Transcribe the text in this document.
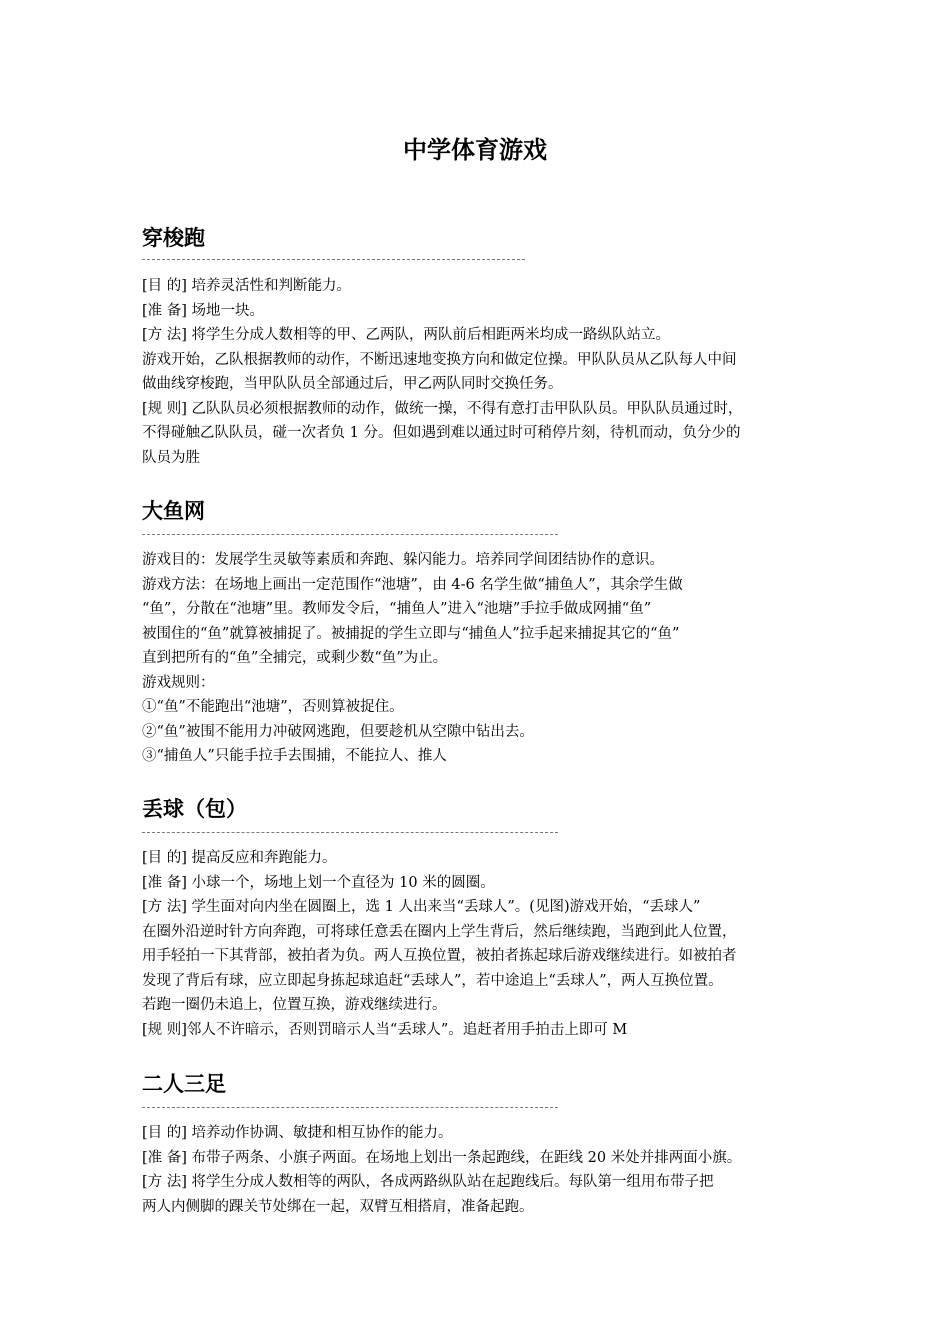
中学体育游戏
穿梭跑
[目 的] 培养灵活性和判断能力。
[准 备] 场地一块。
[方 法] 将学生分成人数相等的甲、乙两队，两队前后相距两米均成一路纵队站立。
游戏开始，乙队根据教师的动作，不断迅速地变换方向和做定位操。甲队队员从乙队每人中间
做曲线穿梭跑，当甲队队员全部通过后，甲乙两队同时交换任务。
[规 则] 乙队队员必须根据教师的动作，做统一操，不得有意打击甲队队员。甲队队员通过时，
不得碰触乙队队员，碰一次者负 1 分。但如遇到难以通过时可稍停片刻，待机而动，负分少的
队员为胜
大鱼网
游戏目的：发展学生灵敏等素质和奔跑、躲闪能力。培养同学间团结协作的意识。
游戏方法：在场地上画出一定范围作“池塘”，由 4-6 名学生做“捕鱼人”，其余学生做
“鱼”，分散在“池塘”里。教师发令后，“捕鱼人”进入“池塘”手拉手做成网捕“鱼”
被围住的“鱼”就算被捕捉了。被捕捉的学生立即与“捕鱼人”拉手起来捕捉其它的“鱼”
直到把所有的“鱼”全捕完，或剩少数“鱼”为止。
游戏规则：
①“鱼”不能跑出“池塘”，否则算被捉住。
②“鱼”被围不能用力冲破网逃跑，但要趁机从空隙中钻出去。
③“捕鱼人”只能手拉手去围捕，不能拉人、推人
丢球（包）
[目 的] 提高反应和奔跑能力。
[准 备] 小球一个，场地上划一个直径为 10 米的圆圈。
[方 法] 学生面对向内坐在圆圈上，选 1 人出来当“丢球人”。(见图)游戏开始，“丢球人”
在圈外沿逆时针方向奔跑，可将球任意丢在圈内上学生背后，然后继续跑，当跑到此人位置，
用手轻拍一下其背部，被拍者为负。两人互换位置，被拍者拣起球后游戏继续进行。如被拍者
发现了背后有球，应立即起身拣起球追赶“丢球人”，若中途追上“丢球人”，两人互换位置。
若跑一圈仍未追上，位置互换，游戏继续进行。
[规 则]邻人不许暗示，否则罚暗示人当“丢球人”。追赶者用手拍击上即可 M
二人三足
[目 的] 培养动作协调、敏捷和相互协作的能力。
[准 备] 布带子两条、小旗子两面。在场地上划出一条起跑线，在距线 20 米处并排两面小旗。
[方 法] 将学生分成人数相等的两队，各成两路纵队站在起跑线后。每队第一组用布带子把
两人内侧脚的踝关节处绑在一起，双臂互相搭肩，准备起跑。
